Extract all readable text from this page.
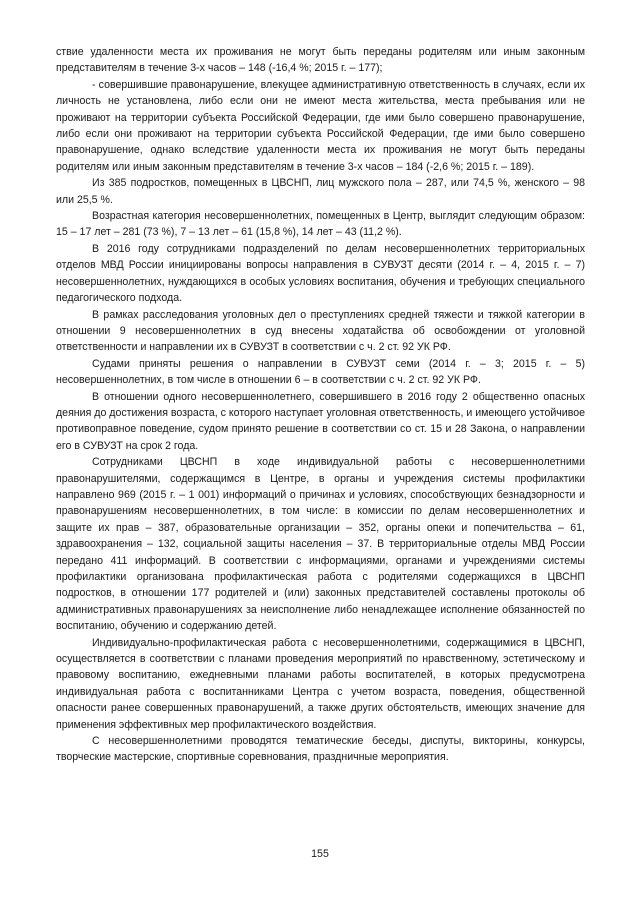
ствие удаленности места их проживания не могут быть переданы родителям или иным законным представителям в течение 3-х часов – 148 (-16,4 %; 2015 г. – 177);

- совершившие правонарушение, влекущее административную ответственность в случаях, если их личность не установлена, либо если они не имеют места жительства, места пребывания или не проживают на территории субъекта Российской Федерации, где ими было совершено правонарушение, либо если они проживают на территории субъекта Российской Федерации, где ими было совершено правонарушение, однако вследствие удаленности места их проживания не могут быть переданы родителям или иным законным представителям в течение 3-х часов – 184 (-2,6 %; 2015 г. – 189).

Из 385 подростков, помещенных в ЦВСНП, лиц мужского пола – 287, или 74,5 %, женского – 98 или 25,5 %.

Возрастная категория несовершеннолетних, помещенных в Центр, выглядит следующим образом: 15 – 17 лет – 281 (73 %), 7 – 13 лет – 61 (15,8 %), 14 лет – 43 (11,2 %).

В 2016 году сотрудниками подразделений по делам несовершеннолетних территориальных отделов МВД России инициированы вопросы направления в СУВУЗТ десяти (2014 г. – 4, 2015 г. – 7) несовершеннолетних, нуждающихся в особых условиях воспитания, обучения и требующих специального педагогического подхода.

В рамках расследования уголовных дел о преступлениях средней тяжести и тяжкой категории в отношении 9 несовершеннолетних в суд внесены ходатайства об освобождении от уголовной ответственности и направлении их в СУВУЗТ в соответствии с ч. 2 ст. 92 УК РФ.

Судами приняты решения о направлении в СУВУЗТ семи (2014 г. – 3; 2015 г. – 5) несовершеннолетних, в том числе в отношении 6 – в соответствии с ч. 2 ст. 92 УК РФ.

В отношении одного несовершеннолетнего, совершившего в 2016 году 2 общественно опасных деяния до достижения возраста, с которого наступает уголовная ответственность, и имеющего устойчивое противоправное поведение, судом принято решение в соответствии со ст. 15 и 28 Закона, о направлении его в СУВУЗТ на срок 2 года.

Сотрудниками ЦВСНП в ходе индивидуальной работы с несовершеннолетними правонарушителями, содержащимся в Центре, в органы и учреждения системы профилактики направлено 969 (2015 г. – 1 001) информаций о причинах и условиях, способствующих безнадзорности и правонарушениям несовершеннолетних, в том числе: в комиссии по делам несовершеннолетних и защите их прав – 387, образовательные организации – 352, органы опеки и попечительства – 61, здравоохранения – 132, социальной защиты населения – 37. В территориальные отделы МВД России передано 411 информаций. В соответствии с информациями, органами и учреждениями системы профилактики организована профилактическая работа с родителями содержащихся в ЦВСНП подростков, в отношении 177 родителей и (или) законных представителей составлены протоколы об административных правонарушениях за неисполнение либо ненадлежащее исполнение обязанностей по воспитанию, обучению и содержанию детей.

Индивидуально-профилактическая работа с несовершеннолетними, содержащимися в ЦВСНП, осуществляется в соответствии с планами проведения мероприятий по нравственному, эстетическому и правовому воспитанию, ежедневными планами работы воспитателей, в которых предусмотрена индивидуальная работа с воспитанниками Центра с учетом возраста, поведения, общественной опасности ранее совершенных правонарушений, а также других обстоятельств, имеющих значение для применения эффективных мер профилактического воздействия.

С несовершеннолетними проводятся тематические беседы, диспуты, викторины, конкурсы, творческие мастерские, спортивные соревнования, праздничные мероприятия.

155
